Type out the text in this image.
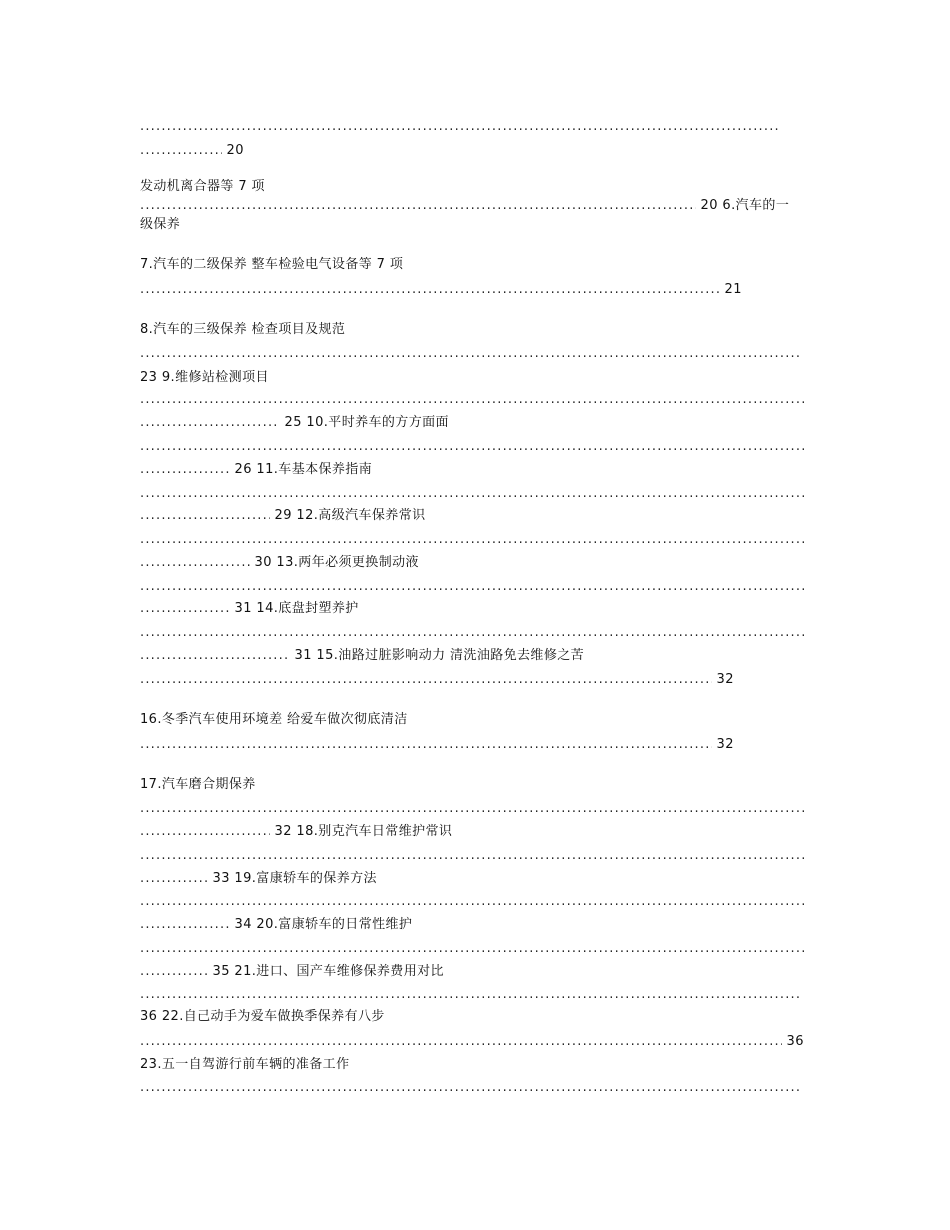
.....
..... 20
发动机离合器等 7 项
..... 20 6.汽车的一
级保养
7.汽车的二级保养 整车检验电气设备等 7 项
..... 21
8.汽车的三级保养 检查项目及规范
.....
23 9.维修站检测项目
.....
..... 25 10.平时养车的方方面面
.....
..... 26 11.车基本保养指南
.....
..... 29 12.高级汽车保养常识
.....
..... 30 13.两年必须更换制动液
.....
..... 31 14.底盘封塑养护
.....
..... 31 15.油路过脏影响动力 清洗油路免去维修之苦
..... 32
16.冬季汽车使用环境差 给爱车做次彻底清洁
..... 32
17.汽车磨合期保养
.....
..... 32 18.别克汽车日常维护常识
.....
..... 33 19.富康轿车的保养方法
.....
..... 34 20.富康轿车的日常性维护
.....
..... 35 21.进口、国产车维修保养费用对比
.....
36 22.自己动手为爱车做换季保养有八步
..... 36
23.五一自驾游行前车辆的准备工作
.....
